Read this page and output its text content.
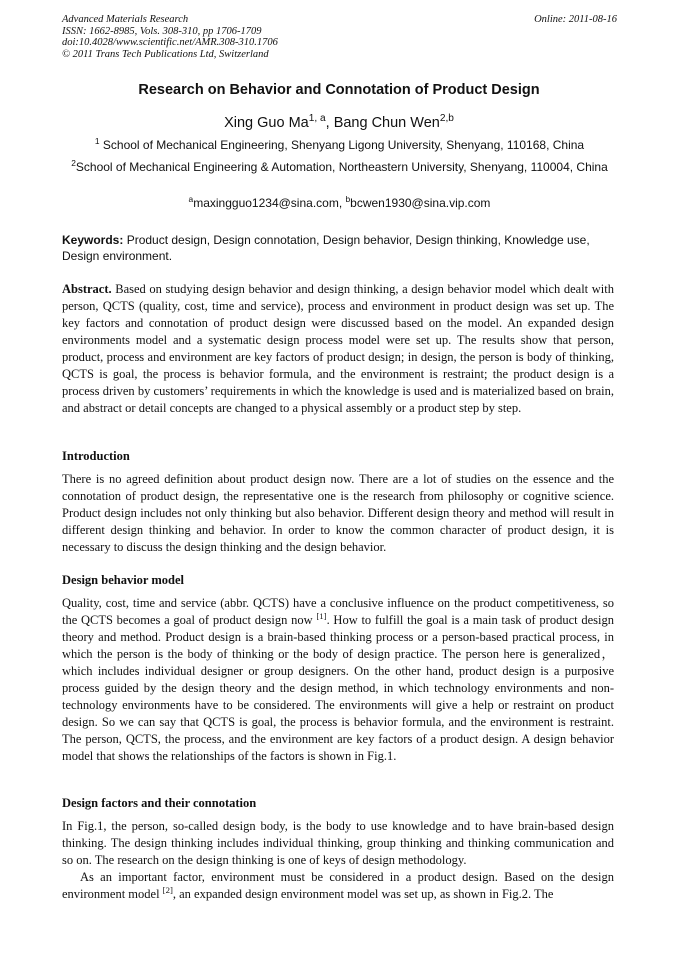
Advanced Materials Research
ISSN: 1662-8985, Vols. 308-310, pp 1706-1709
doi:10.4028/www.scientific.net/AMR.308-310.1706
© 2011 Trans Tech Publications Ltd, Switzerland
Online: 2011-08-16
Research on Behavior and Connotation of Product Design
Xing Guo Ma$^{1, a}$, Bang Chun Wen$^{2,b}$
$^1$ School of Mechanical Engineering, Shenyang Ligong University, Shenyang, 110168, China
$^2$School of Mechanical Engineering & Automation, Northeastern University, Shenyang, 110004, China
$^a$maxingguo1234@sina.com, $^b$bcwen1930@sina.vip.com
Keywords: Product design, Design connotation, Design behavior, Design thinking, Knowledge use, Design environment.
Abstract. Based on studying design behavior and design thinking, a design behavior model which dealt with person, QCTS (quality, cost, time and service), process and environment in product design was set up. The key factors and connotation of product design were discussed based on the model. An expanded design environments model and a systematic design process model were set up. The results show that person, product, process and environment are key factors of product design; in design, the person is body of thinking, QCTS is goal, the process is behavior formula, and the environment is restraint; the product design is a process driven by customers’ requirements in which the knowledge is used and is materialized based on brain, and abstract or detail concepts are changed to a physical assembly or a product step by step.
Introduction
There is no agreed definition about product design now. There are a lot of studies on the essence and the connotation of product design, the representative one is the research from philosophy or cognitive science. Product design includes not only thinking but also behavior. Different design theory and method will result in different design thinking and behavior. In order to know the common character of product design, it is necessary to discuss the design thinking and the design behavior.
Design behavior model
Quality, cost, time and service (abbr. QCTS) have a conclusive influence on the product competitiveness, so the QCTS becomes a goal of product design now [1]. How to fulfill the goal is a main task of product design theory and method. Product design is a brain-based thinking process or a person-based practical process, in which the person is the body of thinking or the body of design practice. The person here is generalized，which includes individual designer or group designers. On the other hand, product design is a purposive process guided by the design theory and the design method, in which technology environments and non-technology environments have to be considered. The environments will give a help or restraint on product design. So we can say that QCTS is goal, the process is behavior formula, and the environment is restraint. The person, QCTS, the process, and the environment are key factors of a product design. A design behavior model that shows the relationships of the factors is shown in Fig.1.
Design factors and their connotation

In Fig.1, the person, so-called design body, is the body to use knowledge and to have brain-based design thinking. The design thinking includes individual thinking, group thinking and thinking communication and so on. The research on the design thinking is one of keys of design methodology.

As an important factor, environment must be considered in a product design. Based on the design environment model [2], an expanded design environment model was set up, as shown in Fig.2. The
